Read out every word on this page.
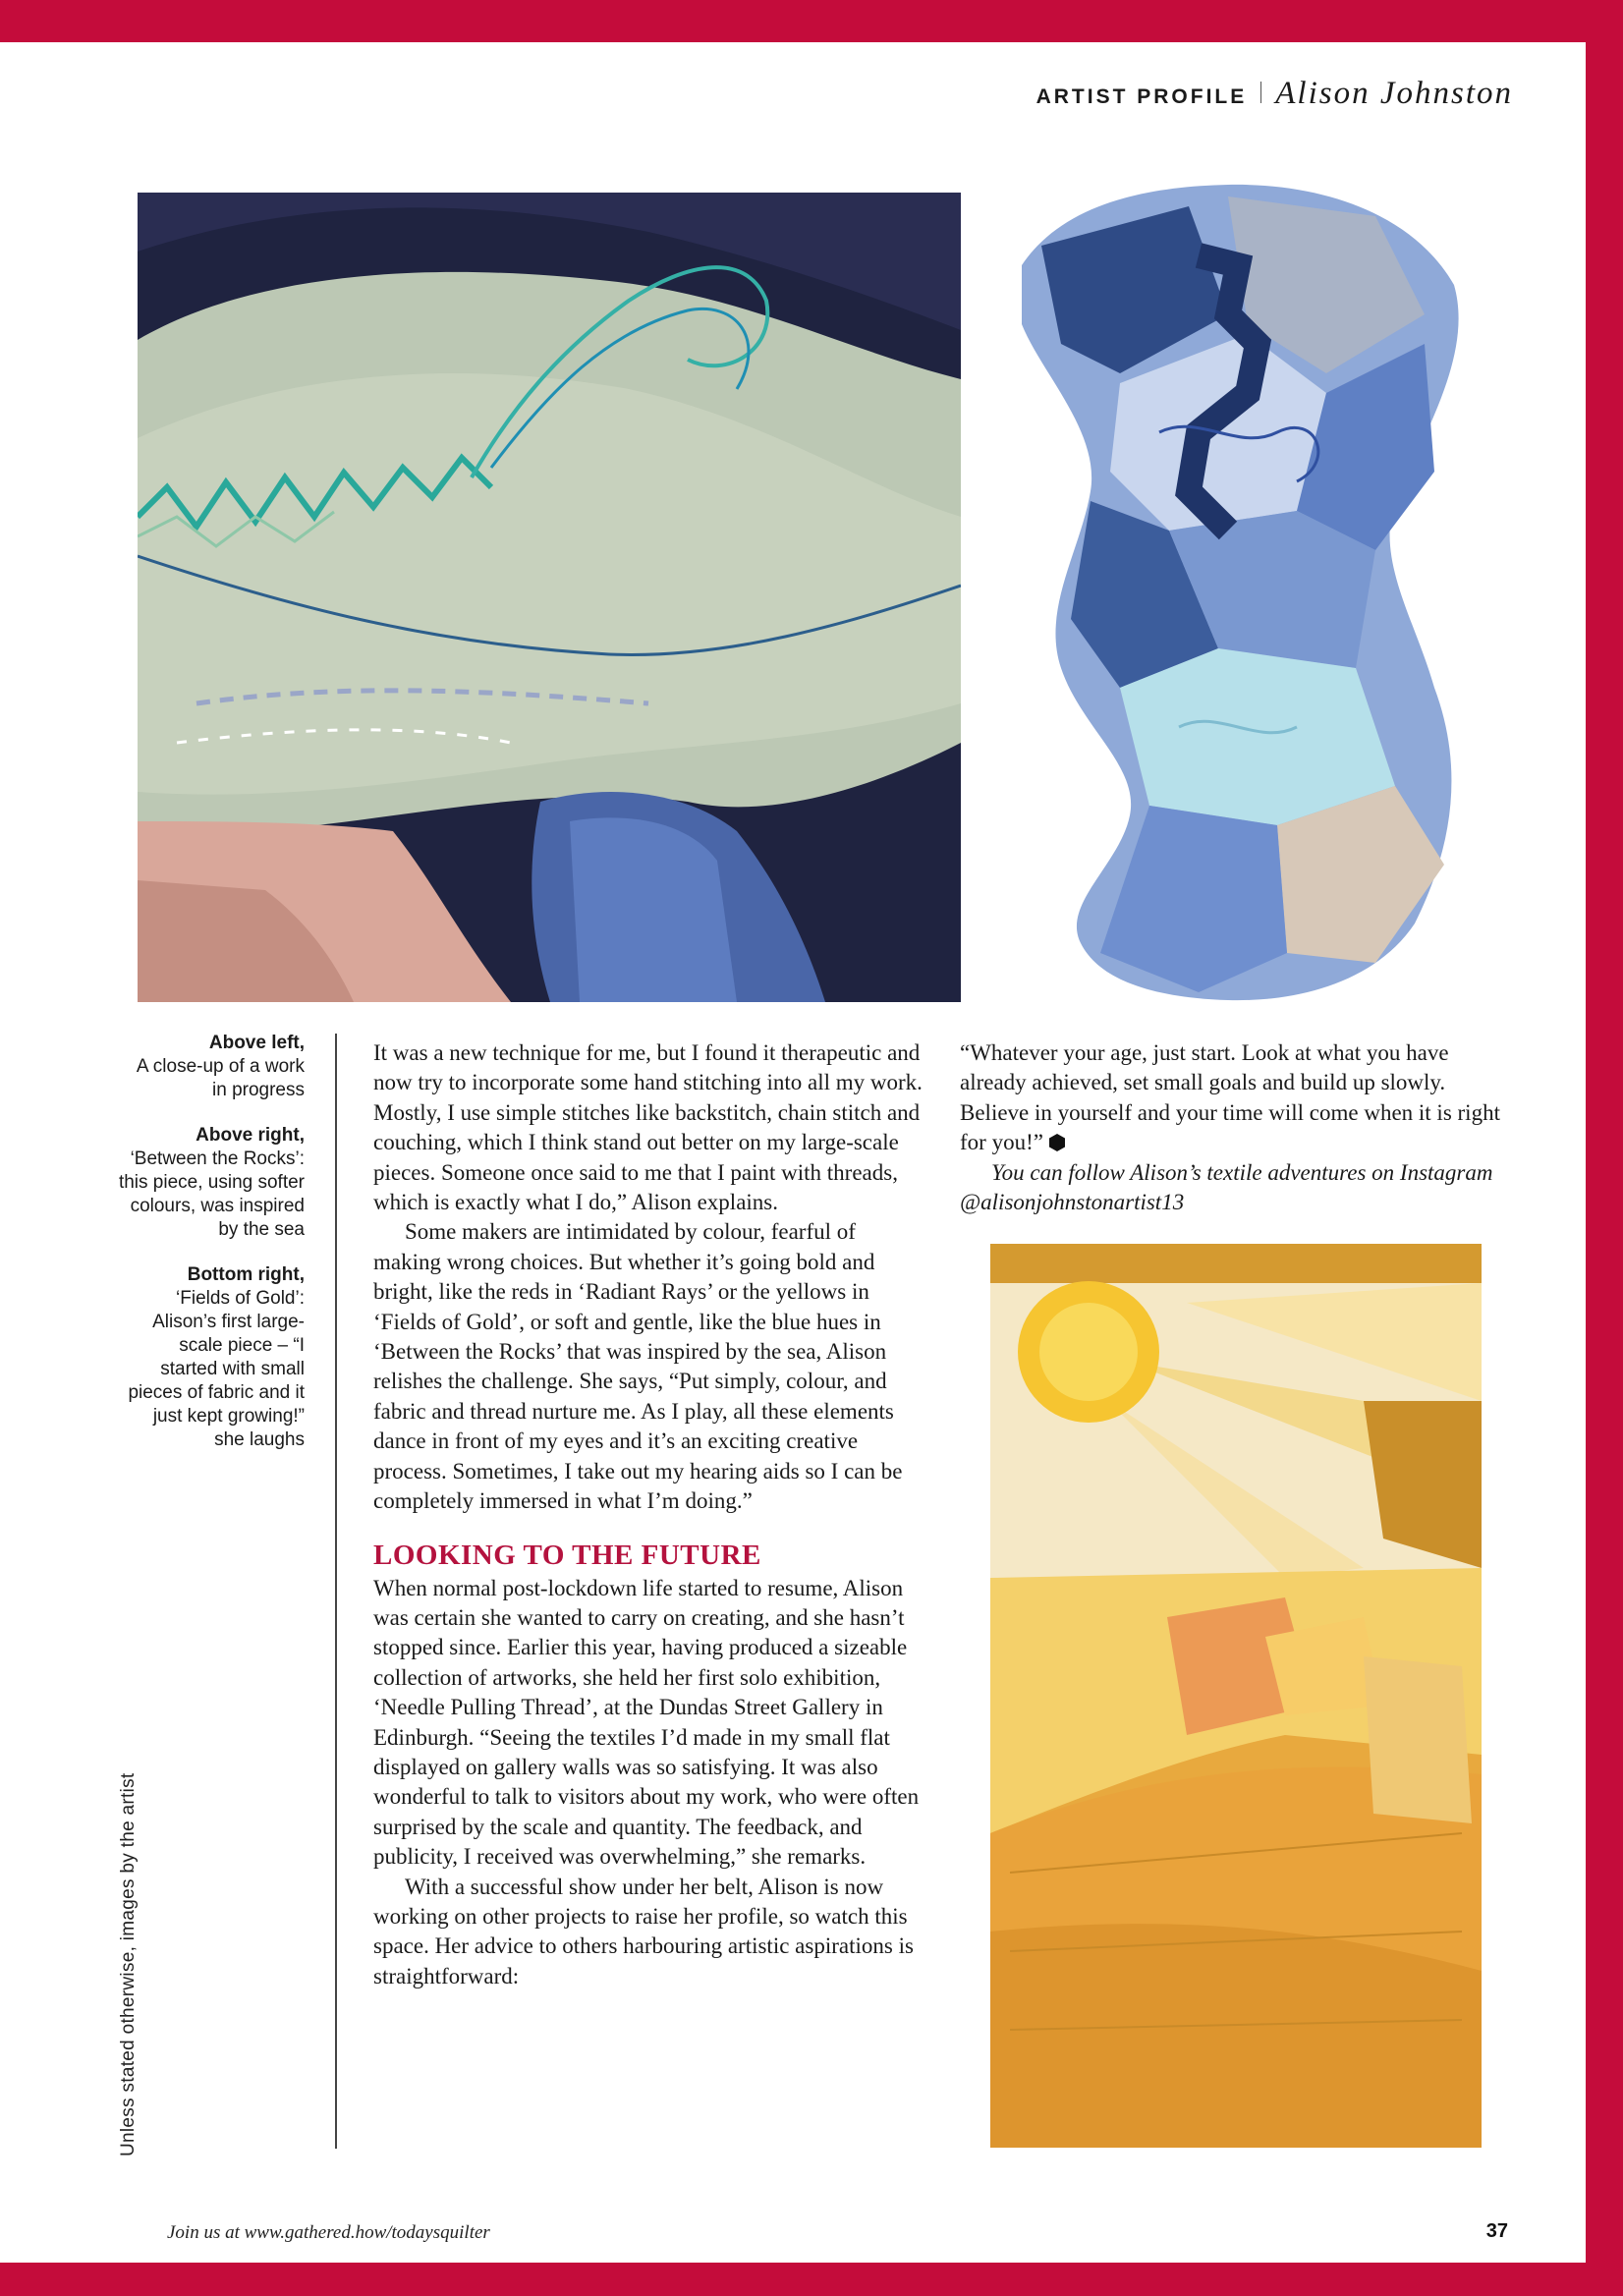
ARTIST PROFILE Alison Johnston
Above left,
A close-up of a work in progress
Above right,
‘Between the Rocks’: this piece, using softer colours, was inspired by the sea
Bottom right,
‘Fields of Gold’: Alison’s first large-scale piece – “I started with small pieces of fabric and it just kept growing!” she laughs
Unless stated otherwise, images by the artist

It was a new technique for me, but I found it therapeutic and now try to incorporate some hand stitching into all my work. Mostly, I use simple stitches like backstitch, chain stitch and couching, which I think stand out better on my large-scale pieces. Someone once said to me that I paint with threads, which is exactly what I do,” Alison explains.

Some makers are intimidated by colour, fearful of making wrong choices. But whether it’s going bold and bright, like the reds in ‘Radiant Rays’ or the yellows in ‘Fields of Gold’, or soft and gentle, like the blue hues in ‘Between the Rocks’ that was inspired by the sea, Alison relishes the challenge. She says, “Put simply, colour, and fabric and thread nurture me. As I play, all these elements dance in front of my eyes and it’s an exciting creative process. Sometimes, I take out my hearing aids so I can be completely immersed in what I’m doing.”

LOOKING TO THE FUTURE

When normal post-lockdown life started to resume, Alison was certain she wanted to carry on creating, and she hasn’t stopped since. Earlier this year, having produced a sizeable collection of artworks, she held her first solo exhibition, ‘Needle Pulling Thread’, at the Dundas Street Gallery in Edinburgh. “Seeing the textiles I’d made in my small flat displayed on gallery walls was so satisfying. It was also wonderful to talk to visitors about my work, who were often surprised by the scale and quantity. The feedback, and publicity, I received was overwhelming,” she remarks.

With a successful show under her belt, Alison is now working on other projects to raise her profile, so watch this space. Her advice to others harbouring artistic aspirations is straightforward:

“Whatever your age, just start. Look at what you have already achieved, set small goals and build up slowly. Believe in yourself and your time will come when it is right for you!”

You can follow Alison’s textile adventures on Instagram @alisonjohnstonartist13

Join us at www.gathered.how/todaysquilter	37
